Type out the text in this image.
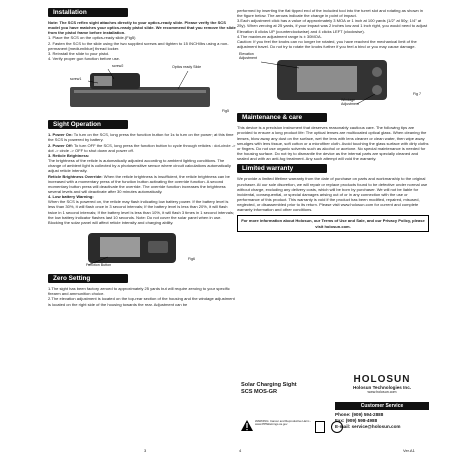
Installation

Note: The SCS reflex sight attaches directly to your optics-ready slide. Please verify the SCS model you have matches your optics-ready pistol slide. We recommend that you remove the slide from the pistol frame before installation.

1. Place the SCS on the optics-ready slide.(Fig5)

2. Fasten the SCS to the slide using the two supplied screws and tighten to 15 INCH/lbs using a non-permanent [medium/blue] thread locker.

3. Reinstall the slide to your pistol.

4. Verify proper gun function before use.

screw2
screw1
Optics ready Slide
Fig5
Sight Operation

1. Power On: To turn on the SCS, long press the function button for 1s to turn on the power; at this time the SCS is powered by battery.

2. Power Off: To turn OFF the SCS, long press the function button to cycle through reticles : dot-circle -> dot -> circle -> OFF to shut down and power off.

3. Reticle Brightness:
The brightness of the reticle is automatically adjusted according to ambient lighting conditions. The change of ambient light is collected by a photosensitive sensor where circuit calculations automatically adjust reticle intensity.

Reticle Brightness Override: When the reticle brightness is insufficient, the reticle brightness can be increased with a momentary press of the function button activating the override function. A second momentary button press will deactivate the override. The override function increases the brightness several levels and will deactivate after 30 minutes automatically.

4. Low battery Warning:
When the SCS is powered on, the reticle may flash indicating low battery power. If the battery level is less than 30%, it will flash once in 3 second intervals; If the battery level is less than 20%, it will flash twice in 1 second intervals; If the battery level is less than 10%, it will flash 3 times in 1 second intervals; the low battery indicator flashes last 10 seconds. Note: Do not cover the solar panel when in use. Blocking the solar panel will affect reticle intensity and charging ability.

Function Button
Fig6
Zero Setting

1.The sight has been factory zeroed to approximately 25 yards but will require zeroing to your specific firearm and ammunition choice.
2.The elevation adjustment is located on the top-rear section of the housing and the windage adjustment is located on the right side of the housing towards the rear. Adjustment can be

3

performed by inserting the flat tipped end of the included tool into the turret slot and rotating as shown in the figure below. The arrows indicate the change in point of impact.
3.Each adjustment click has a value of approximately 3 MOA or 1 inch at 100 yards (1/2" at 50y; 1/4" at 25y). When zeroing at 25 yards, if your impact was 2 inches low and 1 inch right, you would need to adjust Elevation 8 clicks UP (counterclockwise) and 4 clicks LEFT (clockwise).
4.The maximum adjustment range is ± 30MOA.
Caution: If you feel the knobs can no longer be rotated, you have reached the mechanical limit of the adjustment travel. Do not try to rotate the knobs further if you feel a bind or you may cause damage.

Elevation
Adjustment
Windage
Adjustment
Fig 7
Maintenance & care

This device is a precision instrument that deserves reasonably cautious care. The following tips are provided to ensure a long product life: The optical lenses are multicoated optical glass. When cleaning the lenses, blow away any dust on the surface, wet the lens with lens cleaner or clean water, then wipe away smudges with lens tissue, soft cotton or a microfiber cloth. Avoid touching the glass surface with dirty cloths or fingers. Do not use organic solvents such as alcohol or acetone. No special maintenance is needed for the housing surface. Do not try to dismantle the device as the internal parts are specially cleaned and sealed and with an anti-fog treatment. Any such attempt will void the warranty.

Limited warranty

We provide a limited lifetime warranty from the date of purchase on parts and workmanship to the original purchaser. At our sole discretion, we will repair or replace products found to be defective under normal use without charge, excluding any delivery costs, which will be born by purchaser. We will not be liable for incidental, consequential, or special damages arising out of or in any connection with the use or performance of this product. This warranty is void if the product has been modified, repaired, misused, neglected, or disassembled prior to its return. Please visit www.holosun.com for current and complete warranty information and other conditions.

For more information about Holosun, our Terms of Use and Sale, and our Privacy Policy, please visit holosun.com.

Solar Charging Sight
SCS MOS-GR
HOLOSUN
Holosun Technologies Inc.
www.holosun.com
Customer Service
Phone: (909) 594-2888
Fax: (909) 598-4988
E-mail: service@holosun.com
WARNING: Cancer and Reproductive Harm - www.P65Warnings.ca.gov

4	Ver.A1
